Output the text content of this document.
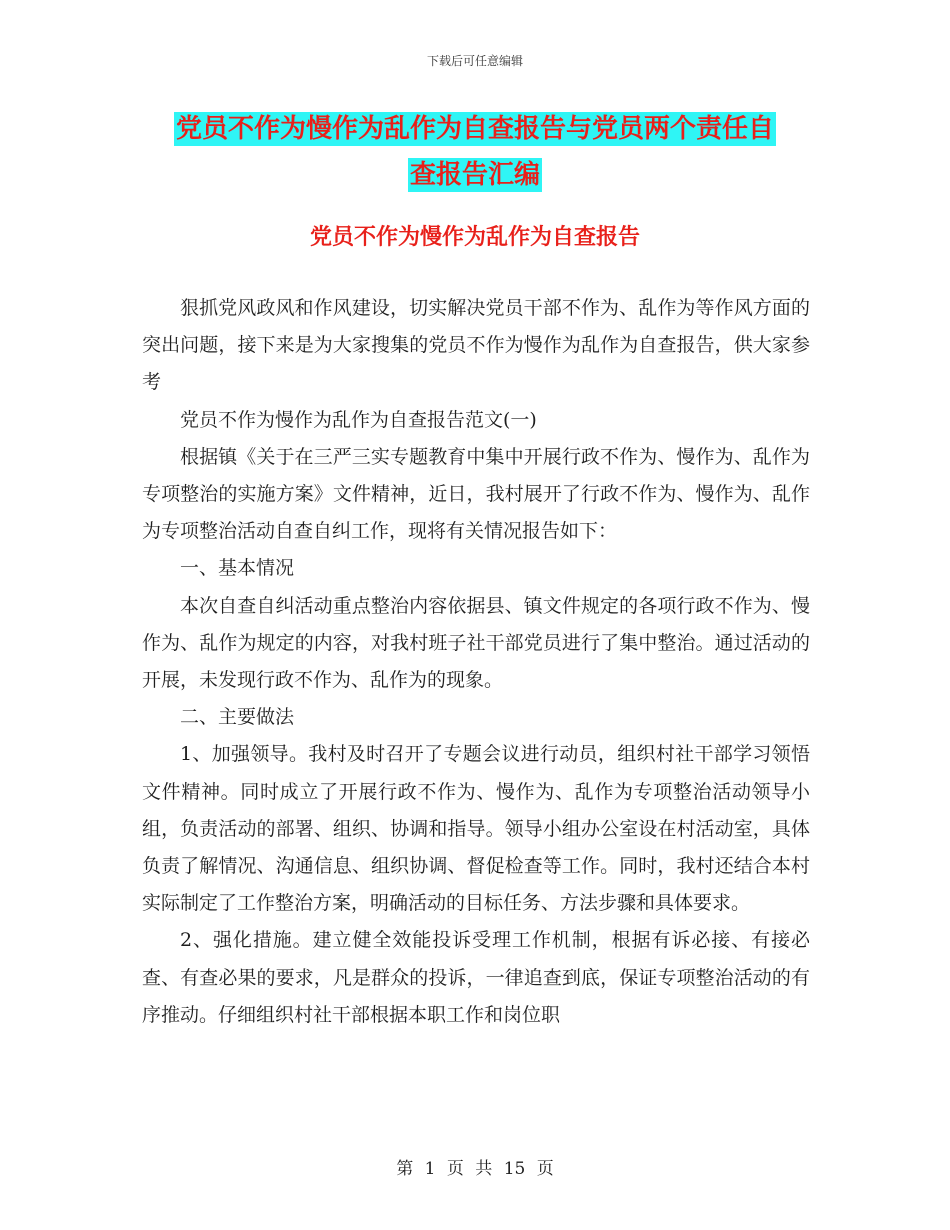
下载后可任意编辑
党员不作为慢作为乱作为自查报告与党员两个责任自
查报告汇编
党员不作为慢作为乱作为自查报告

狠抓党风政风和作风建设，切实解决党员干部不作为、乱作为等作风方面的突出问题，接下来是为大家搜集的党员不作为慢作为乱作为自查报告，供大家参考

党员不作为慢作为乱作为自查报告范文(一)

根据镇《关于在三严三实专题教育中集中开展行政不作为、慢作为、乱作为专项整治的实施方案》文件精神，近日，我村展开了行政不作为、慢作为、乱作为专项整治活动自查自纠工作，现将有关情况报告如下：

一、基本情况

本次自查自纠活动重点整治内容依据县、镇文件规定的各项行政不作为、慢作为、乱作为规定的内容，对我村班子社干部党员进行了集中整治。通过活动的开展，未发现行政不作为、乱作为的现象。

二、主要做法

1、加强领导。我村及时召开了专题会议进行动员，组织村社干部学习领悟文件精神。同时成立了开展行政不作为、慢作为、乱作为专项整治活动领导小组，负责活动的部署、组织、协调和指导。领导小组办公室设在村活动室，具体负责了解情况、沟通信息、组织协调、督促检查等工作。同时，我村还结合本村实际制定了工作整治方案，明确活动的目标任务、方法步骤和具体要求。

2、强化措施。建立健全效能投诉受理工作机制，根据有诉必接、有接必查、有查必果的要求，凡是群众的投诉，一律追查到底，保证专项整治活动的有序推动。仔细组织村社干部根据本职工作和岗位职

第 1 页 共 15 页
